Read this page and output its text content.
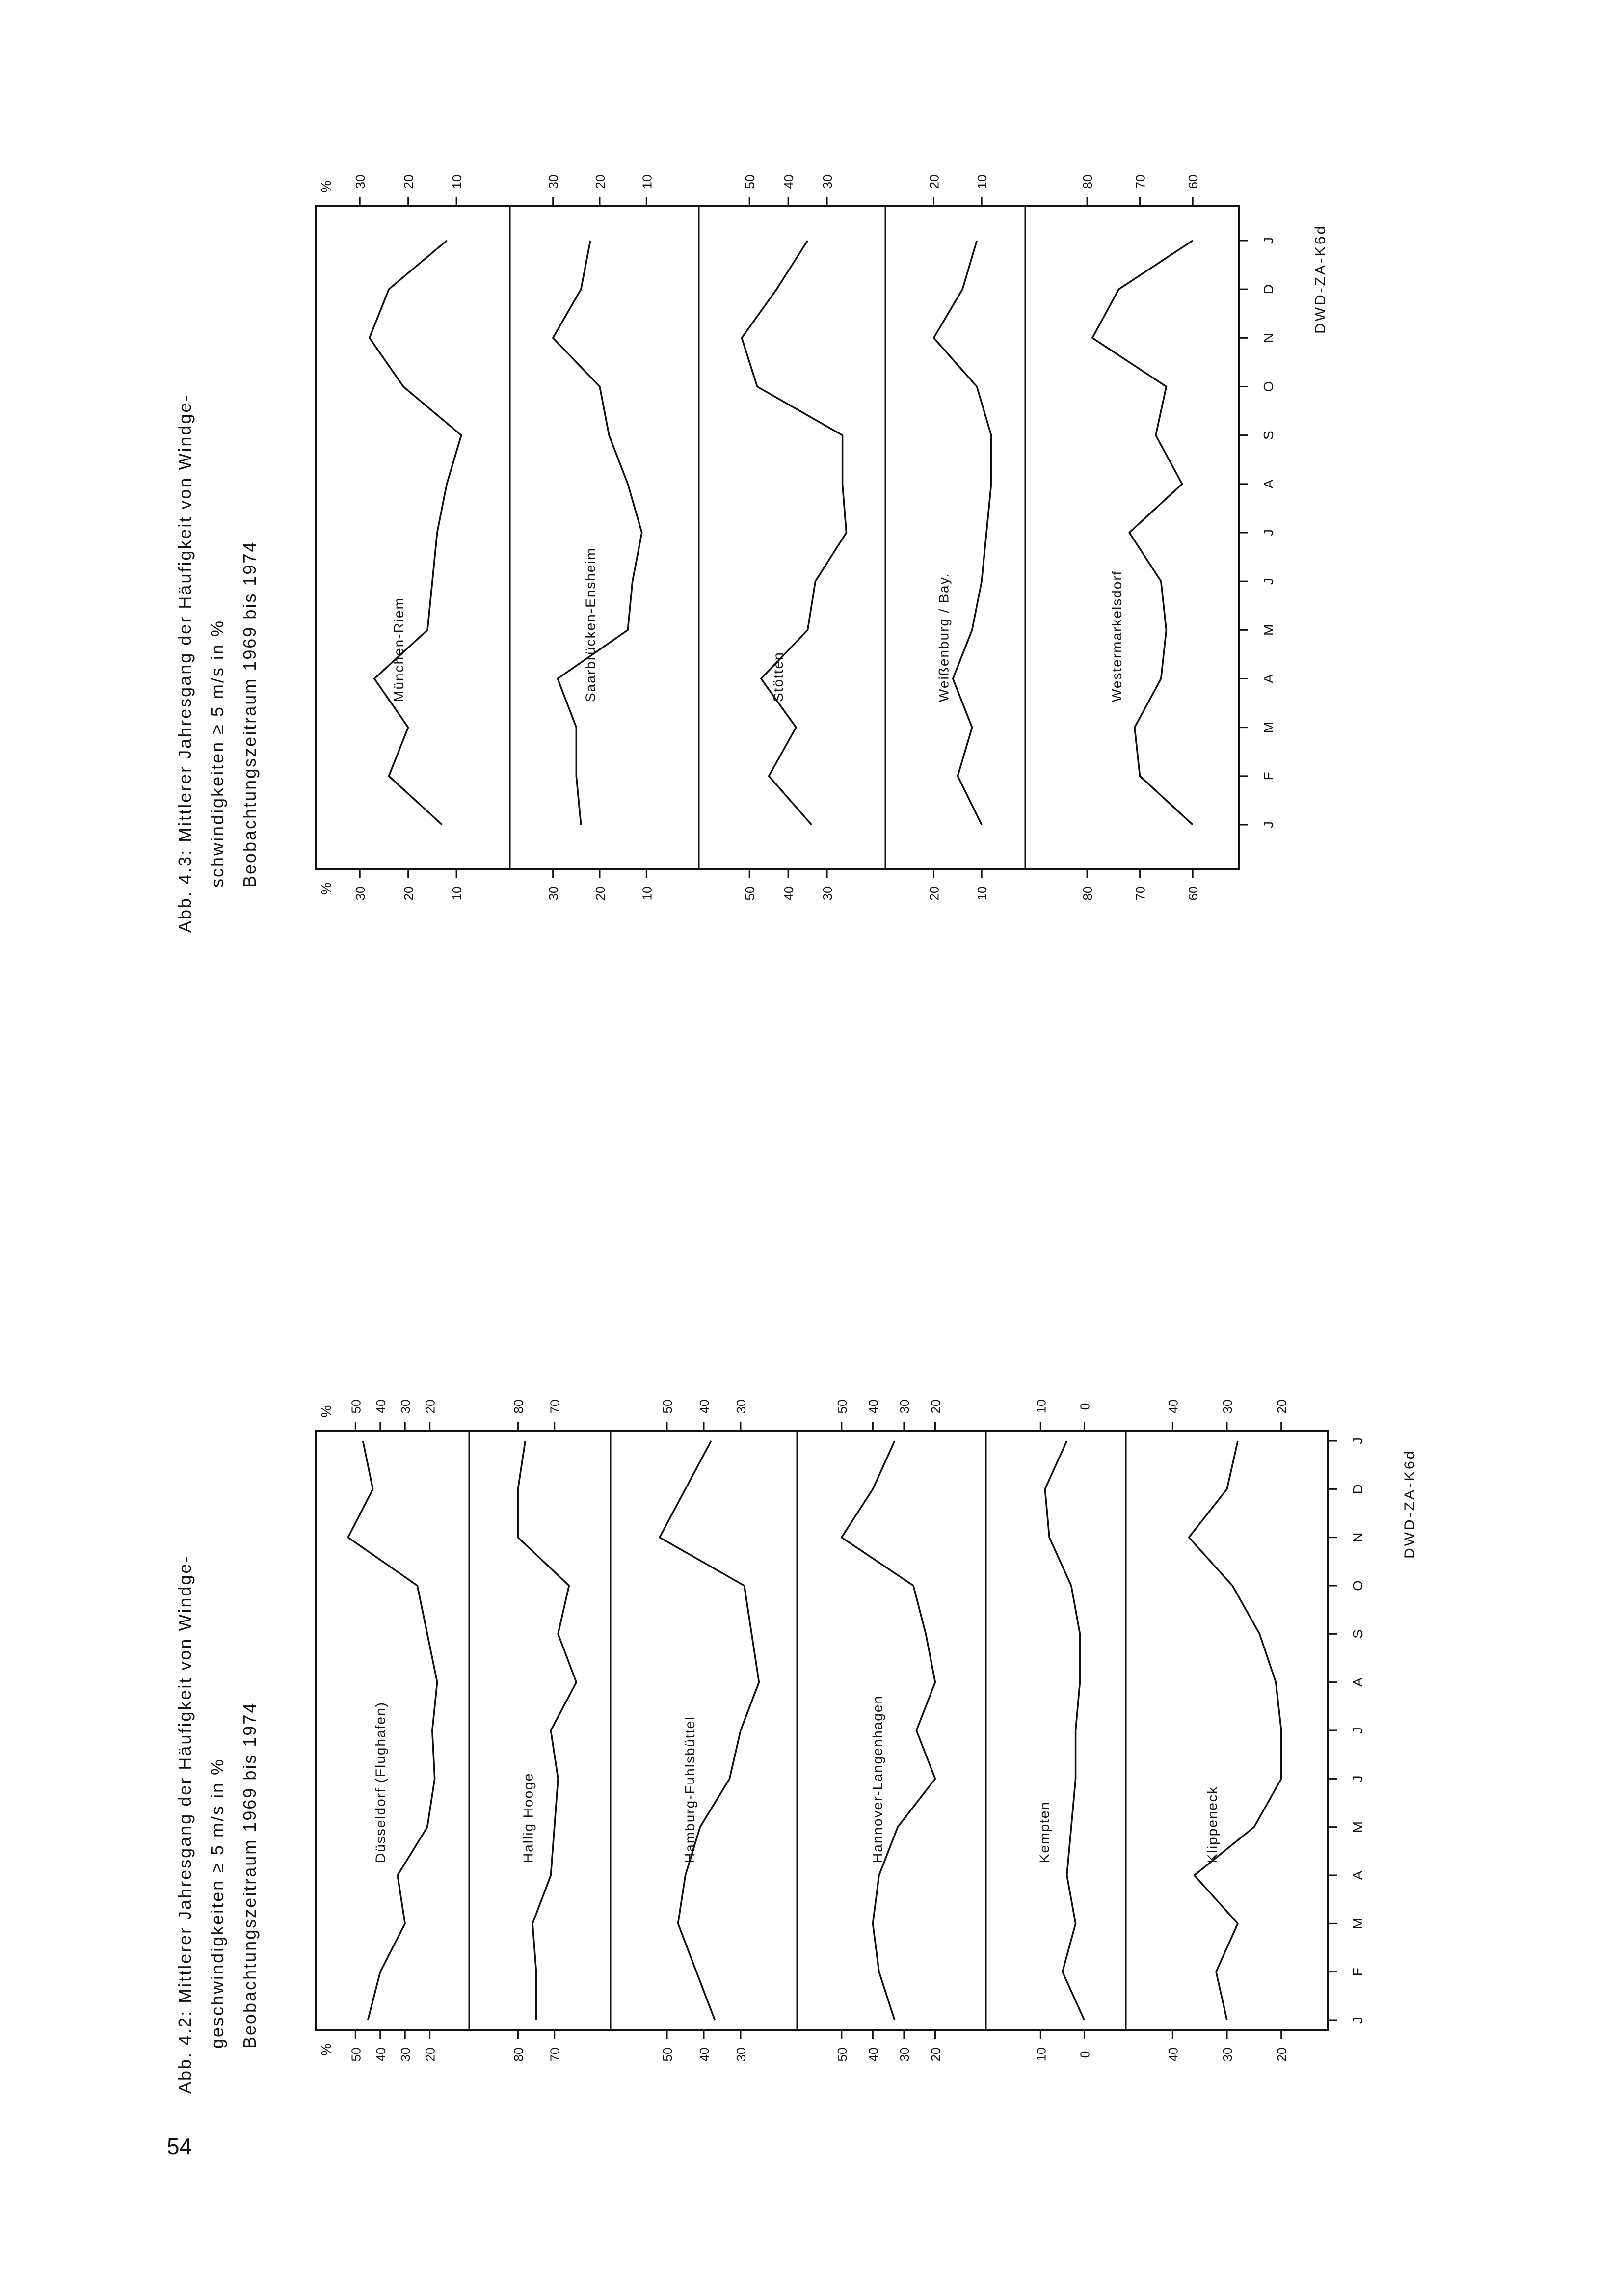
54
Abb. 4.2: Mittlerer Jahresgang der Häufigkeit von Windge- geschwindigkeiten ≥ 5 m/s in % Beobachtungszeitraum 1969 bis 1974	J
F
M
A
M
J
J
A
S
O
N
D
J
%
%
50
50
40
40
30
30
20
20
Düsseldorf (Flughafen)
80
80
70
70
Hallig Hooge
50
50
40
40
30
30
Hamburg-Fuhlsbüttel
50
50
40
40
30
30
20
20
Hannover-Langenhagen
10
10
0
0
Kempten
40
40
30
30
20
20
Klippeneck
DWD-ZA-K6d
Abb. 4.3: Mittlerer Jahresgang der Häufigkeit von Windge- schwindigkeiten ≥ 5 m/s in % Beobachtungszeitraum 1969 bis 1974	J
F
M
A
M
J
J
A
S
O
N
D
J
%
%
30
30
20
20
10
10
München-Riem
30
30
20
20
10
10
Saarbrücken-Ensheim
50
50
40
40
30
30
Stötten
20
20
10
10
Weißenburg / Bay.
80
80
70
70
60
60
Westermarkelsdorf
DWD-ZA-K6d
